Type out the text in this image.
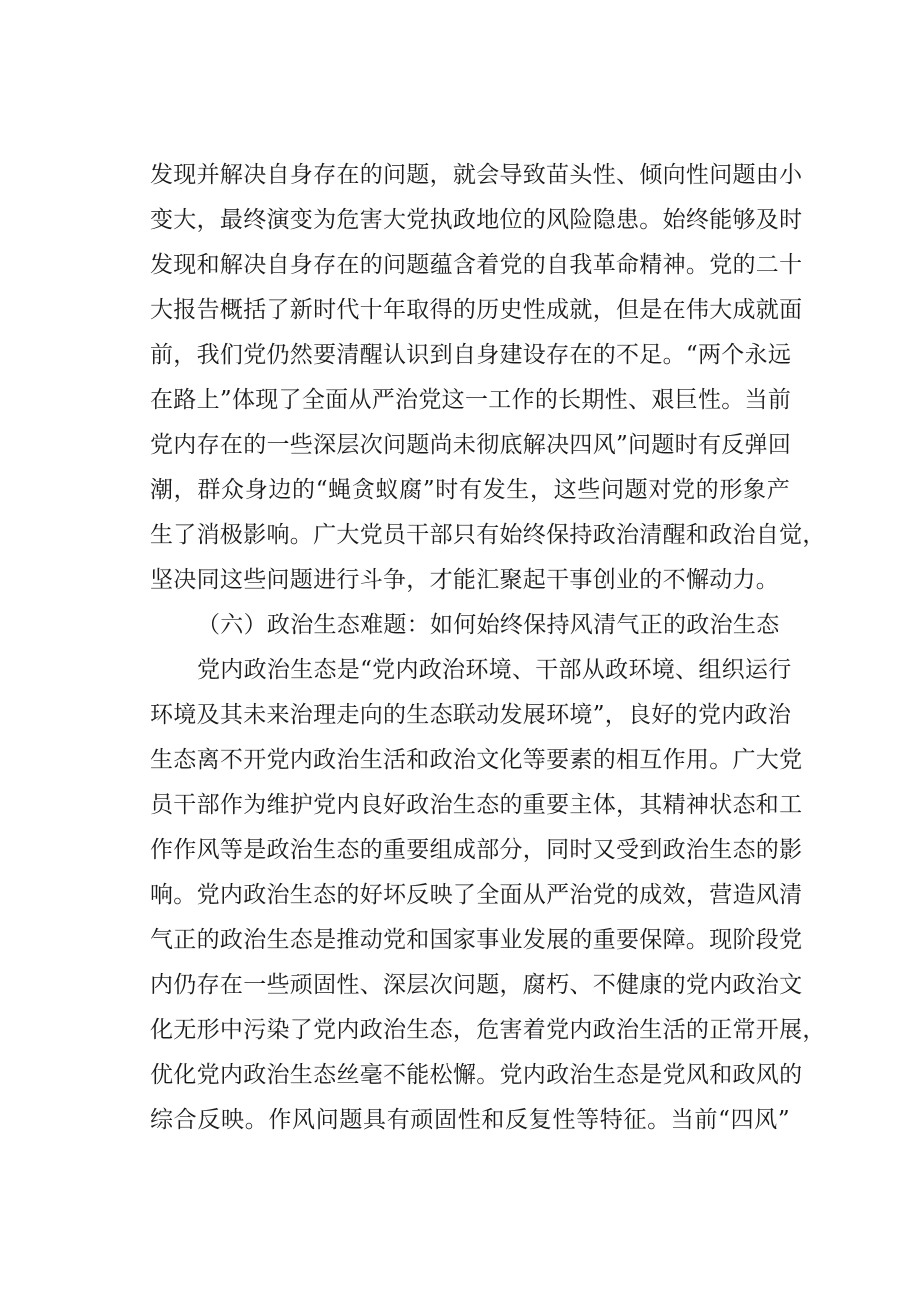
发现并解决自身存在的问题，就会导致苗头性、倾向性问题由小
变大，最终演变为危害大党执政地位的风险隐患。始终能够及时
发现和解决自身存在的问题蕴含着党的自我革命精神。党的二十
大报告概括了新时代十年取得的历史性成就，但是在伟大成就面
前，我们党仍然要清醒认识到自身建设存在的不足。“两个永远
在路上”体现了全面从严治党这一工作的长期性、艰巨性。当前
党内存在的一些深层次问题尚未彻底解决四风”问题时有反弹回
潮，群众身边的“蝇贪蚁腐”时有发生，这些问题对党的形象产
生了消极影响。广大党员干部只有始终保持政治清醒和政治自觉，
坚决同这些问题进行斗争，才能汇聚起干事创业的不懈动力。
（六）政治生态难题：如何始终保持风清气正的政治生态
党内政治生态是“党内政治环境、干部从政环境、组织运行
环境及其未来治理走向的生态联动发展环境”，良好的党内政治
生态离不开党内政治生活和政治文化等要素的相互作用。广大党
员干部作为维护党内良好政治生态的重要主体，其精神状态和工
作作风等是政治生态的重要组成部分，同时又受到政治生态的影
响。党内政治生态的好坏反映了全面从严治党的成效，营造风清
气正的政治生态是推动党和国家事业发展的重要保障。现阶段党
内仍存在一些顽固性、深层次问题，腐朽、不健康的党内政治文
化无形中污染了党内政治生态，危害着党内政治生活的正常开展，
优化党内政治生态丝毫不能松懈。党内政治生态是党风和政风的
综合反映。作风问题具有顽固性和反复性等特征。当前“四风”
